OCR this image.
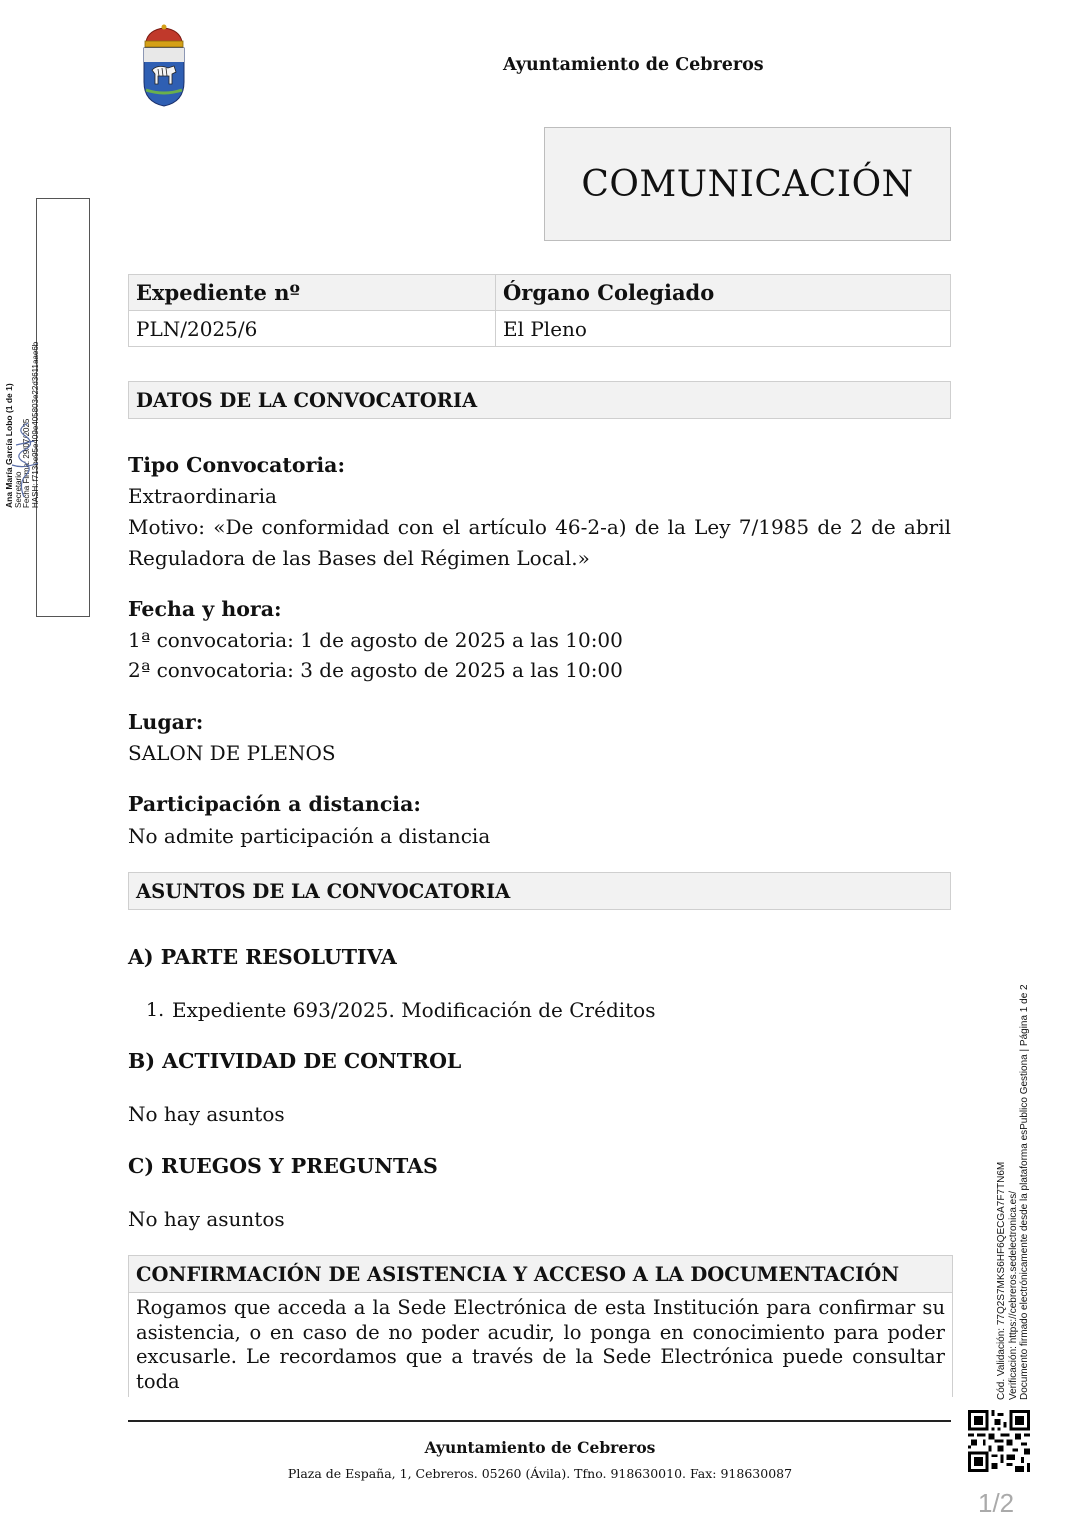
Ayuntamiento de Cebreros
COMUNICACIÓN
Expediente nº	Órgano Colegiado
PLN/2025/6	El Pleno
DATOS DE LA CONVOCATORIA
Tipo Convocatoria:
Extraordinaria
Motivo: «De conformidad con el artículo 46-2-a) de la Ley 7/1985 de 2 de abril Reguladora de las Bases del Régimen Local.»
Fecha y hora:
1ª convocatoria: 1 de agosto de 2025 a las 10:00
2ª convocatoria: 3 de agosto de 2025 a las 10:00
Lugar:
SALON DE PLENOS
Participación a distancia:
No admite participación a distancia
ASUNTOS DE LA CONVOCATORIA
A) PARTE RESOLUTIVA
1. Expediente 693/2025. Modificación de Créditos
B) ACTIVIDAD DE CONTROL
No hay asuntos
C) RUEGOS Y PREGUNTAS
No hay asuntos
CONFIRMACIÓN DE ASISTENCIA Y ACCESO A LA DOCUMENTACIÓN
Rogamos que acceda a la Sede Electrónica de esta Institución para confirmar su asistencia, o en caso de no poder acudir, lo ponga en conocimiento para poder excusarle. Le recordamos que a través de la Sede Electrónica puede consultar toda
Ayuntamiento de Cebreros
Plaza de España, 1, Cebreros. 05260 (Ávila). Tfno. 918630010. Fax: 918630087
Ana María García Lobo (1 de 1) Secretario Fecha Firma: 29/07/2025 HASH: f713be95e409e405803e22d3611aae6b
Cód. Validación: 77Q2S7MKS6HF6QECGA7F7TN6M Verificación: https://cebreros.sedelectronica.es/ Documento firmado electrónicamente desde la plataforma esPublico Gestiona | Página 1 de 2
1/2
